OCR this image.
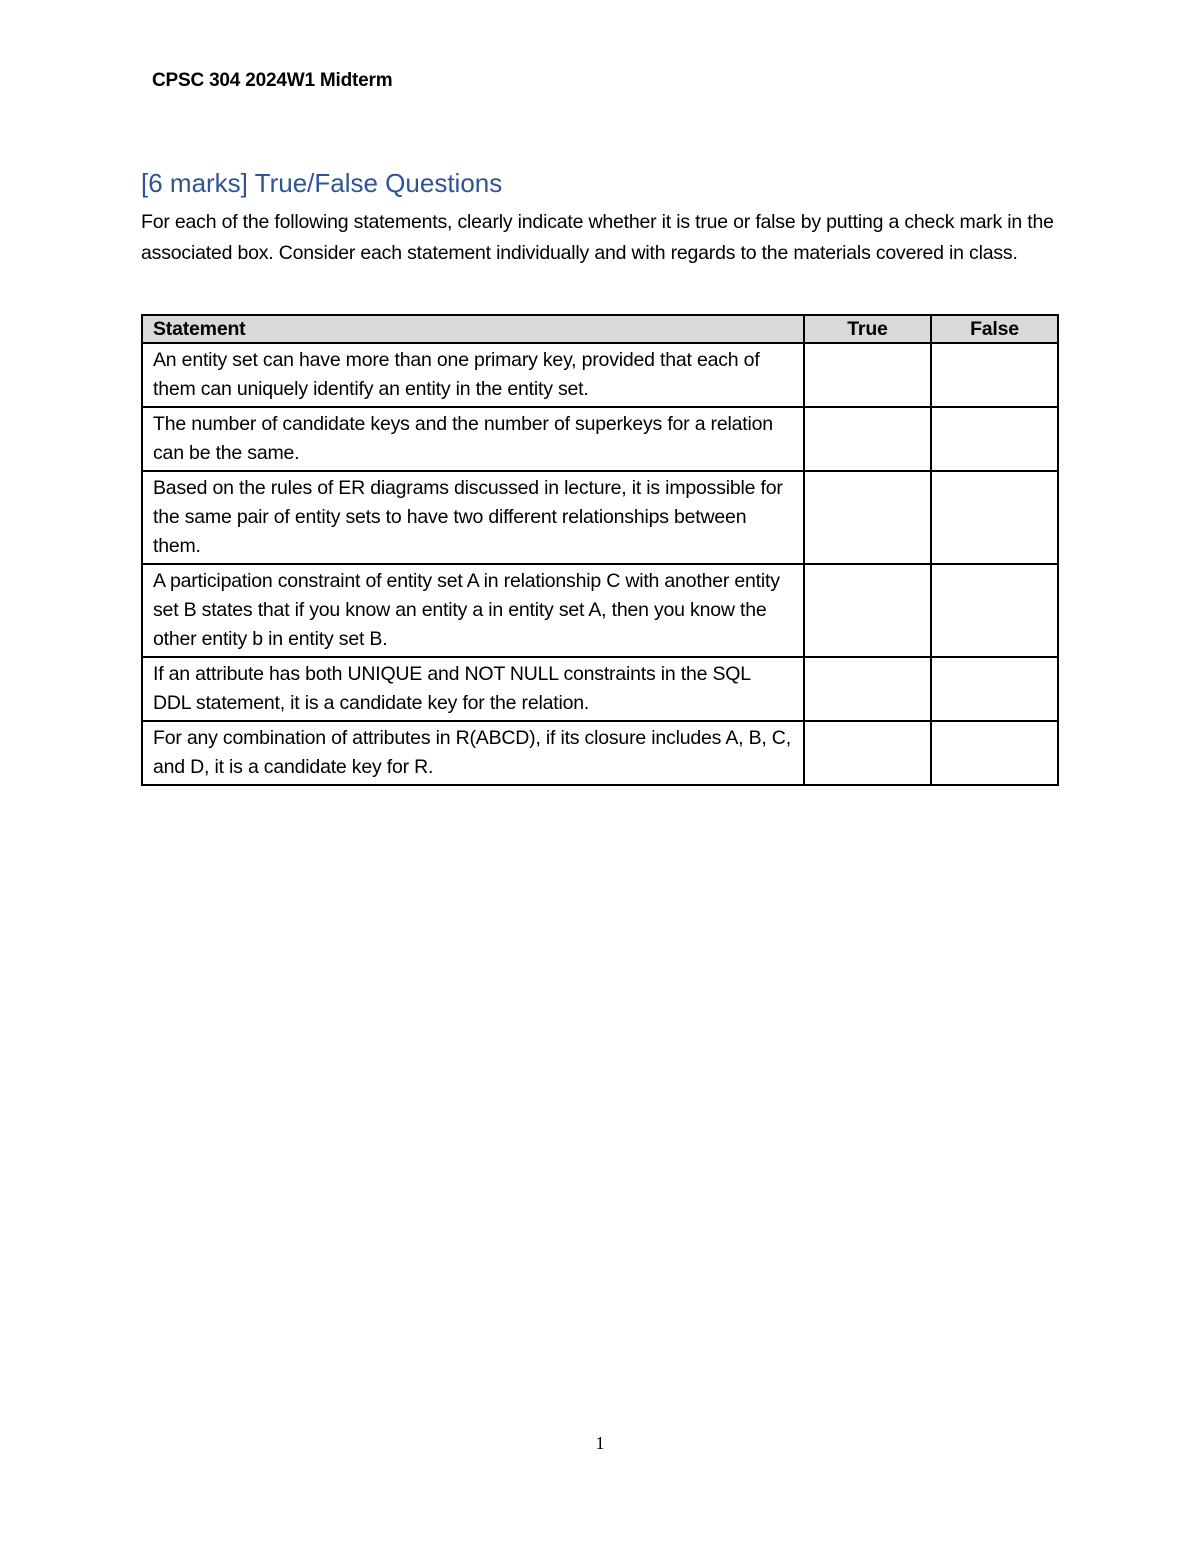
CPSC 304 2024W1 Midterm
[6 marks] True/False Questions
For each of the following statements, clearly indicate whether it is true or false by putting a check mark in the associated box. Consider each statement individually and with regards to the materials covered in class.
Statement	True	False
An entity set can have more than one primary key, provided that each of them can uniquely identify an entity in the entity set.		
The number of candidate keys and the number of superkeys for a relation can be the same.		
Based on the rules of ER diagrams discussed in lecture, it is impossible for the same pair of entity sets to have two different relationships between them.		
A participation constraint of entity set A in relationship C with another entity set B states that if you know an entity a in entity set A, then you know the other entity b in entity set B.		
If an attribute has both UNIQUE and NOT NULL constraints in the SQL DDL statement, it is a candidate key for the relation.		
For any combination of attributes in R(ABCD), if its closure includes A, B, C, and D, it is a candidate key for R.		
1
